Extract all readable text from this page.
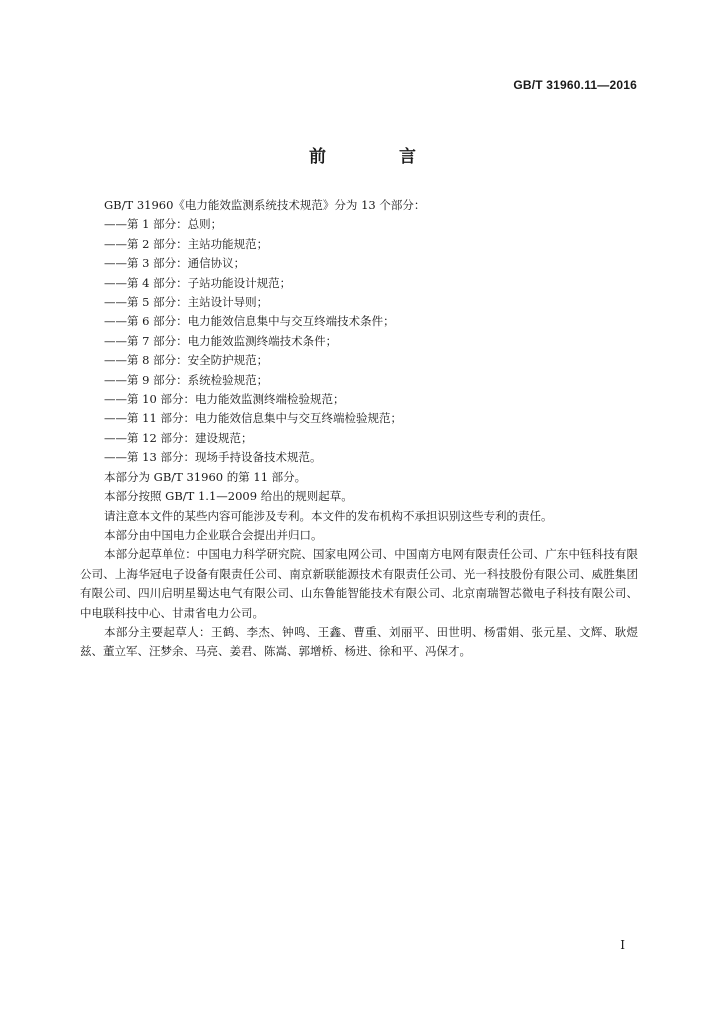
GB/T 31960.11—2016
前　言

GB/T 31960《电力能效监测系统技术规范》分为 13 个部分：

——第 1 部分：总则；
——第 2 部分：主站功能规范；
——第 3 部分：通信协议；
——第 4 部分：子站功能设计规范；
——第 5 部分：主站设计导则；
——第 6 部分：电力能效信息集中与交互终端技术条件；
——第 7 部分：电力能效监测终端技术条件；
——第 8 部分：安全防护规范；
——第 9 部分：系统检验规范；
——第 10 部分：电力能效监测终端检验规范；
——第 11 部分：电力能效信息集中与交互终端检验规范；
——第 12 部分：建设规范；
——第 13 部分：现场手持设备技术规范。

本部分为 GB/T 31960 的第 11 部分。

本部分按照 GB/T 1.1—2009 给出的规则起草。

请注意本文件的某些内容可能涉及专利。本文件的发布机构不承担识别这些专利的责任。

本部分由中国电力企业联合会提出并归口。

本部分起草单位：中国电力科学研究院、国家电网公司、中国南方电网有限责任公司、广东中钰科技有限公司、上海华冠电子设备有限责任公司、南京新联能源技术有限责任公司、光一科技股份有限公司、威胜集团有限公司、四川启明星蜀达电气有限公司、山东鲁能智能技术有限公司、北京南瑞智芯微电子科技有限公司、中电联科技中心、甘肃省电力公司。

本部分主要起草人：王鹤、李杰、钟鸣、王鑫、曹重、刘丽平、田世明、杨雷娟、张元星、文辉、耿煜兹、董立军、汪梦余、马亮、姜君、陈嵩、郭增桥、杨进、徐和平、冯保才。

I
